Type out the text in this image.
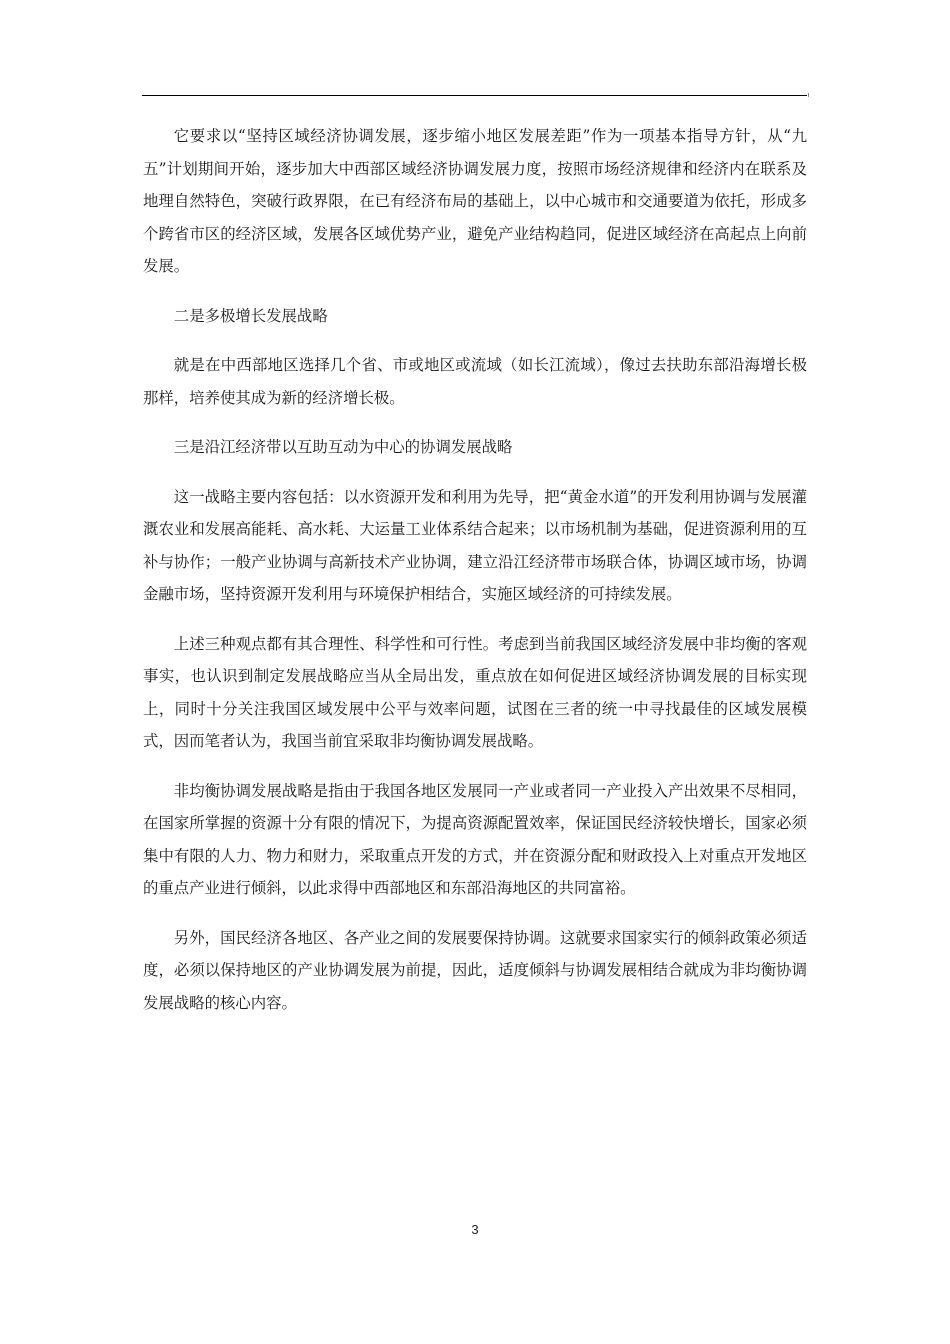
它要求以“坚持区域经济协调发展，逐步缩小地区发展差距”作为一项基本指导方针，从“九五”计划期间开始，逐步加大中西部区域经济协调发展力度，按照市场经济规律和经济内在联系及地理自然特色，突破行政界限，在已有经济布局的基础上，以中心城市和交通要道为依托，形成多个跨省市区的经济区域，发展各区域优势产业，避免产业结构趋同，促进区域经济在高起点上向前发展。

二是多极增长发展战略

就是在中西部地区选择几个省、市或地区或流域（如长江流域），像过去扶助东部沿海增长极那样，培养使其成为新的经济增长极。

三是沿江经济带以互助互动为中心的协调发展战略

这一战略主要内容包括：以水资源开发和利用为先导，把“黄金水道”的开发利用协调与发展灌溉农业和发展高能耗、高水耗、大运量工业体系结合起来；以市场机制为基础，促进资源利用的互补与协作；一般产业协调与高新技术产业协调，建立沿江经济带市场联合体，协调区域市场，协调金融市场，坚持资源开发利用与环境保护相结合，实施区域经济的可持续发展。

上述三种观点都有其合理性、科学性和可行性。考虑到当前我国区域经济发展中非均衡的客观事实，也认识到制定发展战略应当从全局出发，重点放在如何促进区域经济协调发展的目标实现上，同时十分关注我国区域发展中公平与效率问题，试图在三者的统一中寻找最佳的区域发展模式，因而笔者认为，我国当前宜采取非均衡协调发展战略。

非均衡协调发展战略是指由于我国各地区发展同一产业或者同一产业投入产出效果不尽相同，在国家所掌握的资源十分有限的情况下，为提高资源配置效率，保证国民经济较快增长，国家必须集中有限的人力、物力和财力，采取重点开发的方式，并在资源分配和财政投入上对重点开发地区的重点产业进行倾斜，以此求得中西部地区和东部沿海地区的共同富裕。

另外，国民经济各地区、各产业之间的发展要保持协调。这就要求国家实行的倾斜政策必须适度，必须以保持地区的产业协调发展为前提，因此，适度倾斜与协调发展相结合就成为非均衡协调发展战略的核心内容。

3
